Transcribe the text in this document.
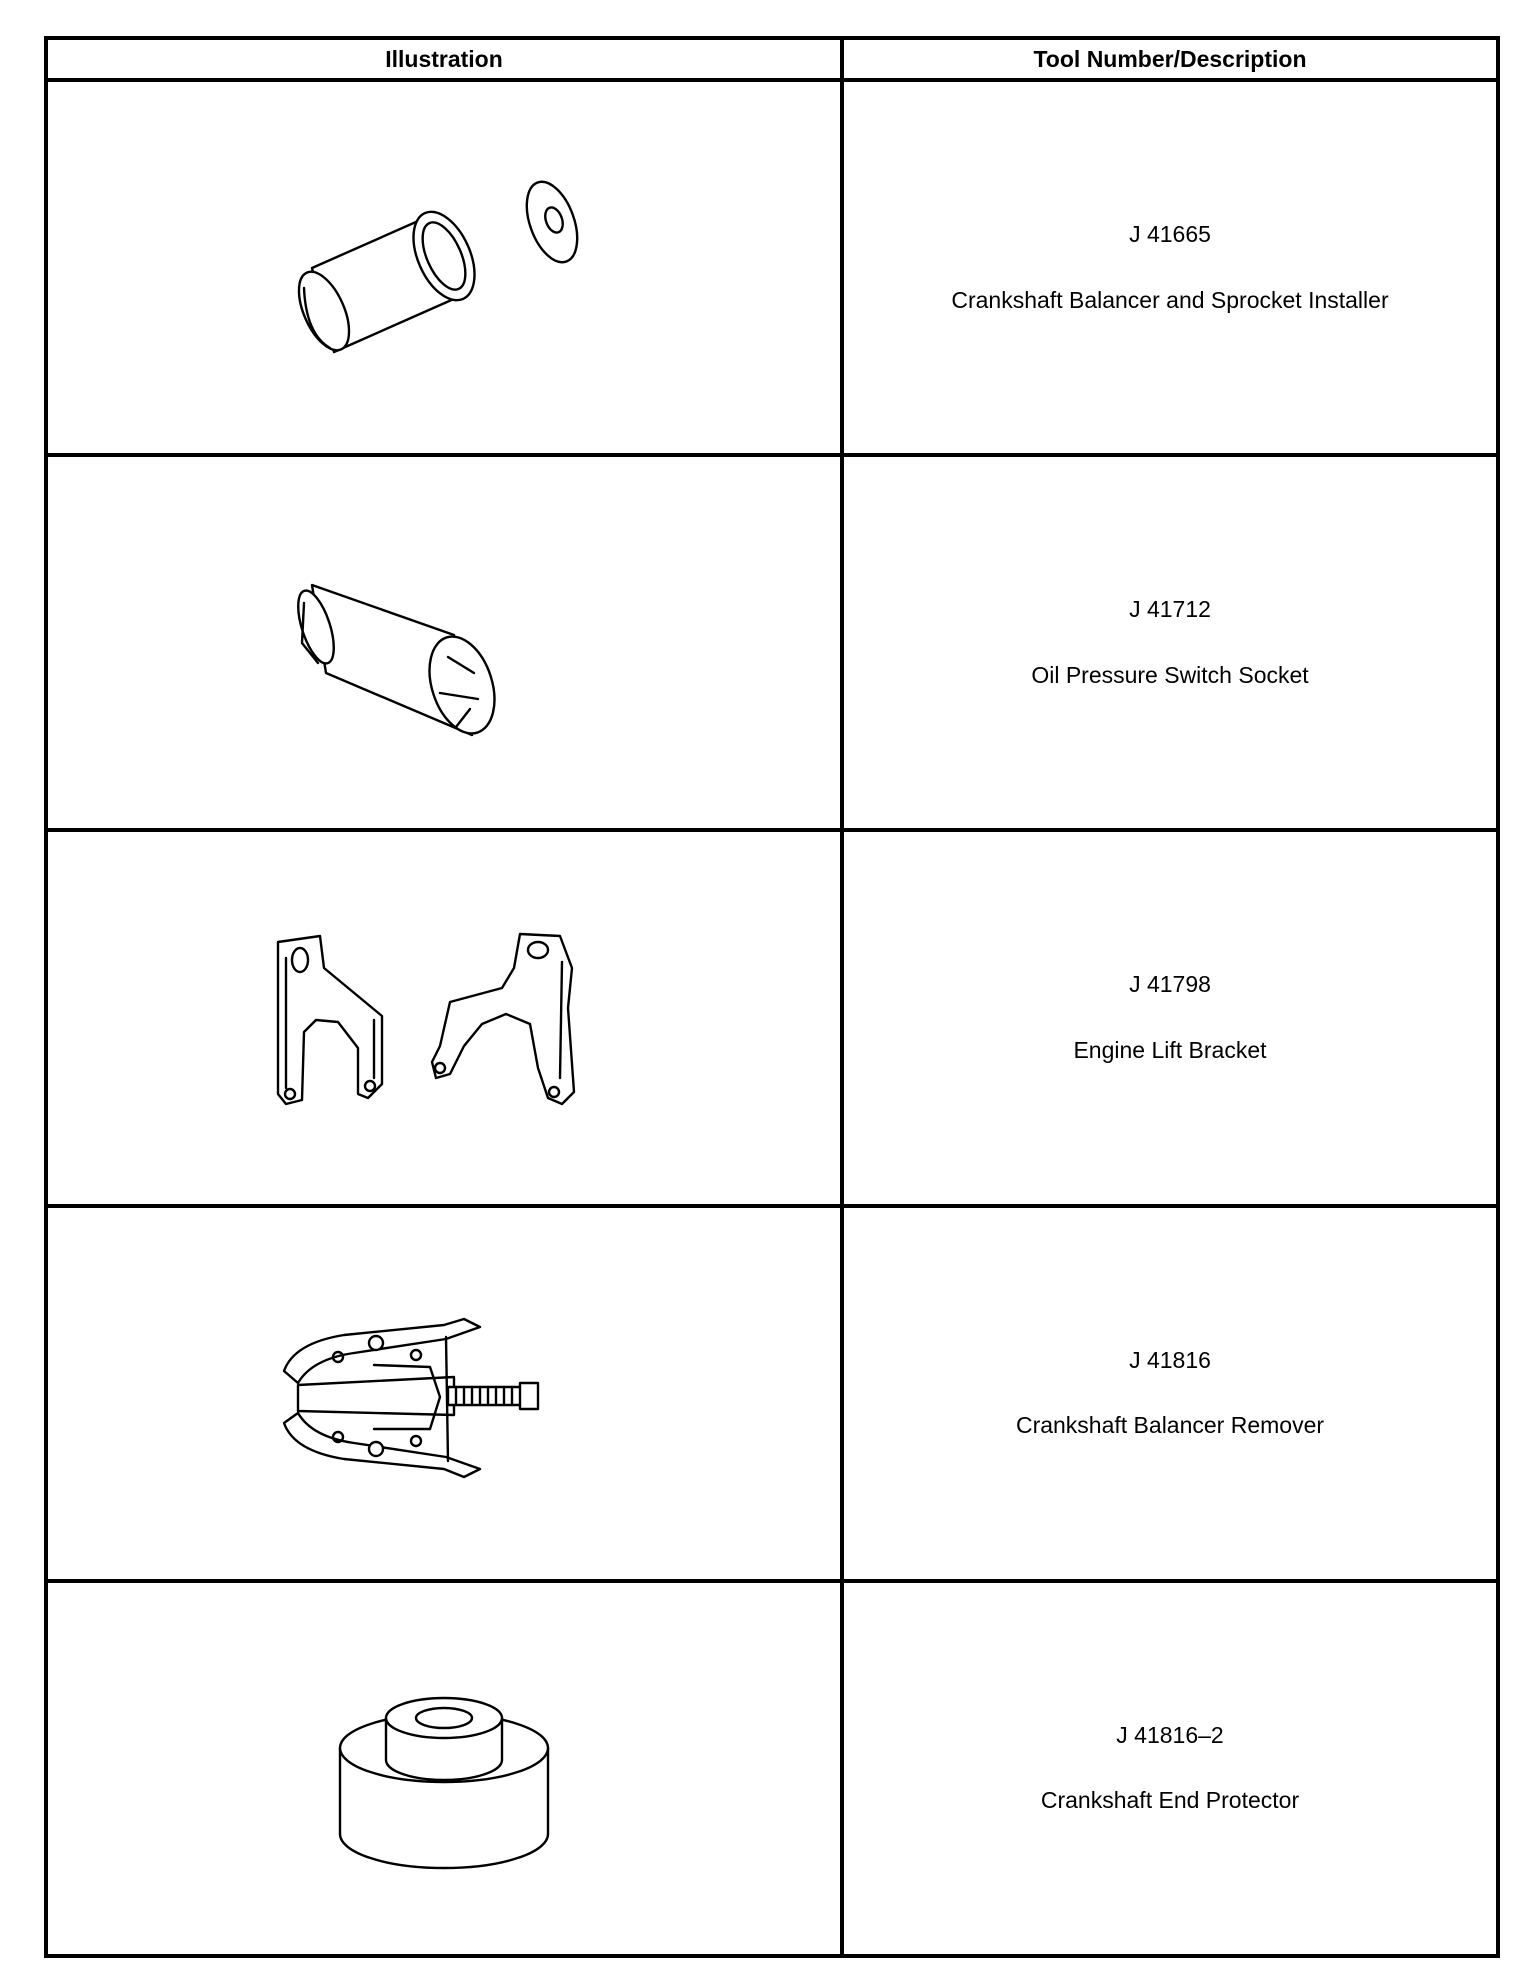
Illustration	Tool Number/Description

J 41665
Crankshaft Balancer and Sprocket Installer

J 41712
Oil Pressure Switch Socket

J 41798
Engine Lift Bracket

J 41816
Crankshaft Balancer Remover

J 41816–2
Crankshaft End Protector
